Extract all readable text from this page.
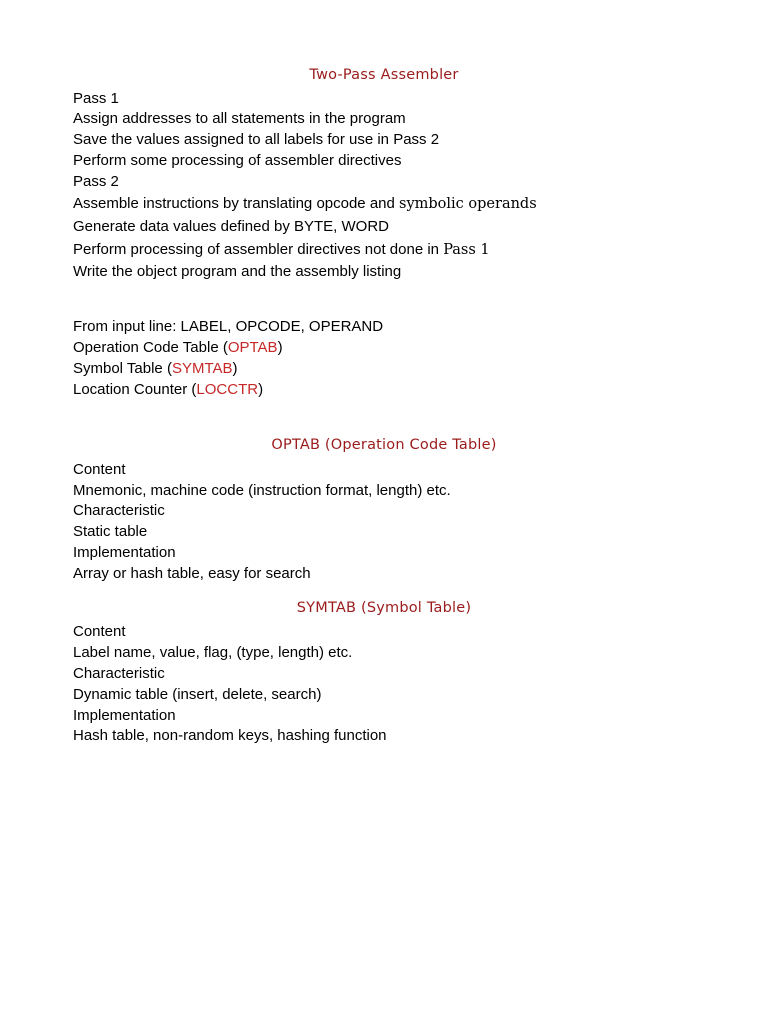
Two-Pass Assembler
Pass 1
Assign addresses to all statements in the program
Save the values assigned to all labels for use in Pass 2
Perform some processing of assembler directives
Pass 2
Assemble instructions by translating opcode and symbolic operands
Generate data values defined by BYTE, WORD
Perform processing of assembler directives not done in Pass 1
Write the object program and the assembly listing
From input line: LABEL, OPCODE, OPERAND
Operation Code Table (OPTAB)
Symbol Table (SYMTAB)
Location Counter (LOCCTR)
OPTAB (Operation Code Table)
Content
Mnemonic, machine code (instruction format, length) etc.
Characteristic
Static table
Implementation
Array or hash table, easy for search
SYMTAB (Symbol Table)
Content
Label name, value, flag, (type, length) etc.
Characteristic
Dynamic table (insert, delete, search)
Implementation
Hash table, non-random keys, hashing function
